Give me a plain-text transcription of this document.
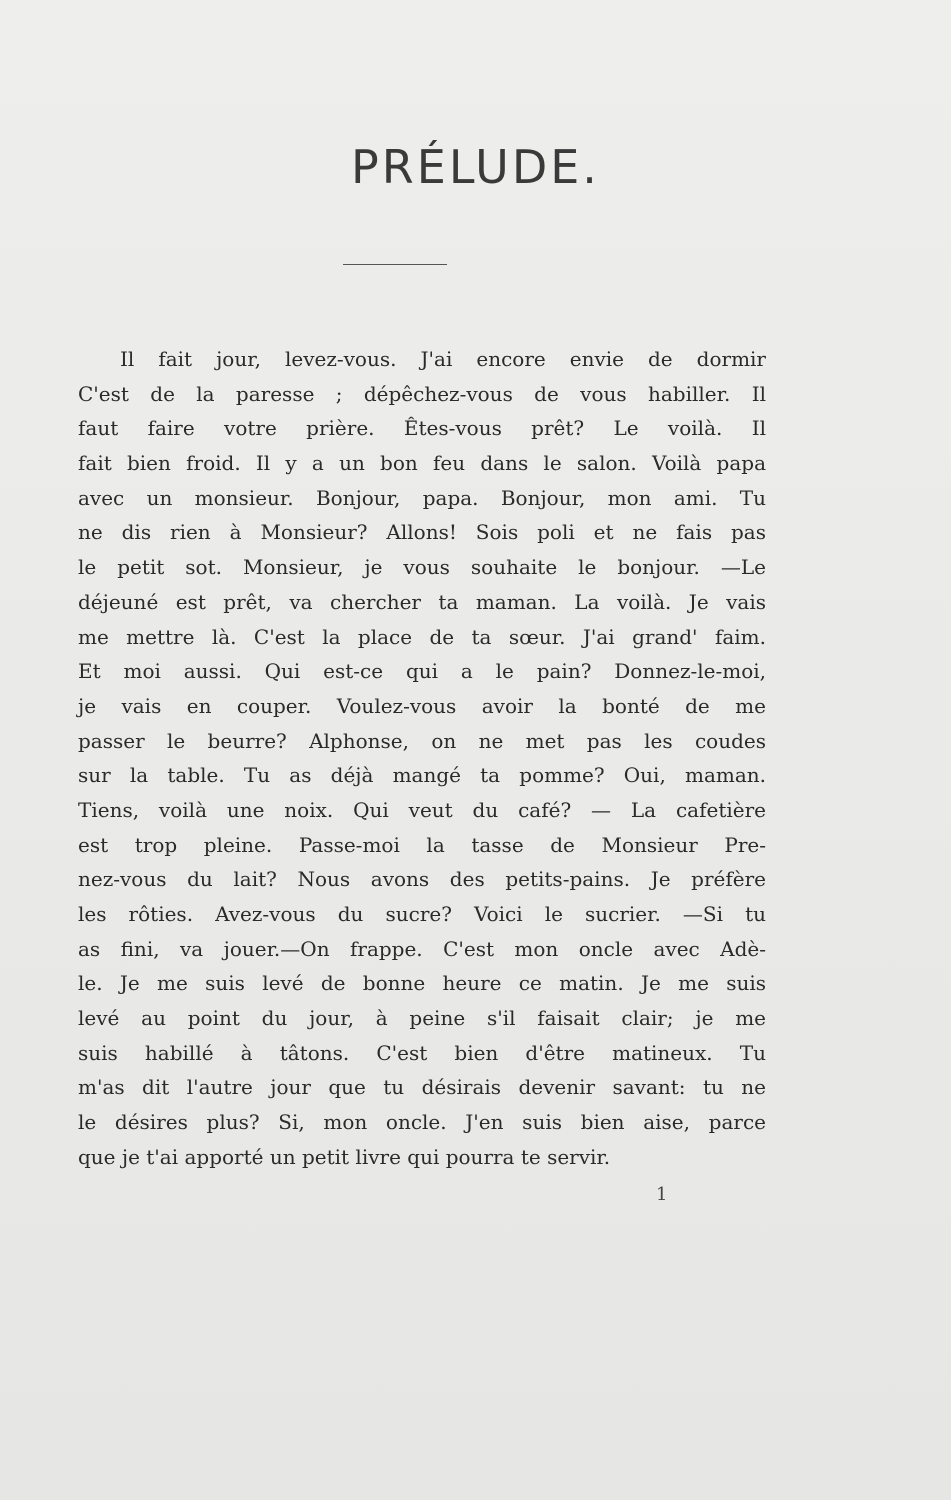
PRÉLUDE.
Il fait jour, levez-vous. J'ai encore envie de dormir
C'est de la paresse ; dépêchez-vous de vous habiller. Il
faut faire votre prière. Êtes-vous prêt? Le voilà. Il
fait bien froid. Il y a un bon feu dans le salon. Voilà papa
avec un monsieur. Bonjour, papa. Bonjour, mon ami. Tu
ne dis rien à Monsieur? Allons! Sois poli et ne fais pas
le petit sot. Monsieur, je vous souhaite le bonjour. —Le
déjeuné est prêt, va chercher ta maman. La voilà. Je vais
me mettre là. C'est la place de ta sœur. J'ai grand' faim.
Et moi aussi. Qui est-ce qui a le pain? Donnez-le-moi,
je vais en couper. Voulez-vous avoir la bonté de me
passer le beurre? Alphonse, on ne met pas les coudes
sur la table. Tu as déjà mangé ta pomme? Oui, maman.
Tiens, voilà une noix. Qui veut du café? — La cafetière
est trop pleine. Passe-moi la tasse de Monsieur Pre-
nez-vous du lait? Nous avons des petits-pains. Je préfère
les rôties. Avez-vous du sucre? Voici le sucrier. —Si tu
as fini, va jouer.—On frappe. C'est mon oncle avec Adè-
le. Je me suis levé de bonne heure ce matin. Je me suis
levé au point du jour, à peine s'il faisait clair; je me
suis habillé à tâtons. C'est bien d'être matineux. Tu
m'as dit l'autre jour que tu désirais devenir savant: tu ne
le désires plus? Si, mon oncle. J'en suis bien aise, parce
que je t'ai apporté un petit livre qui pourra te servir.
1
